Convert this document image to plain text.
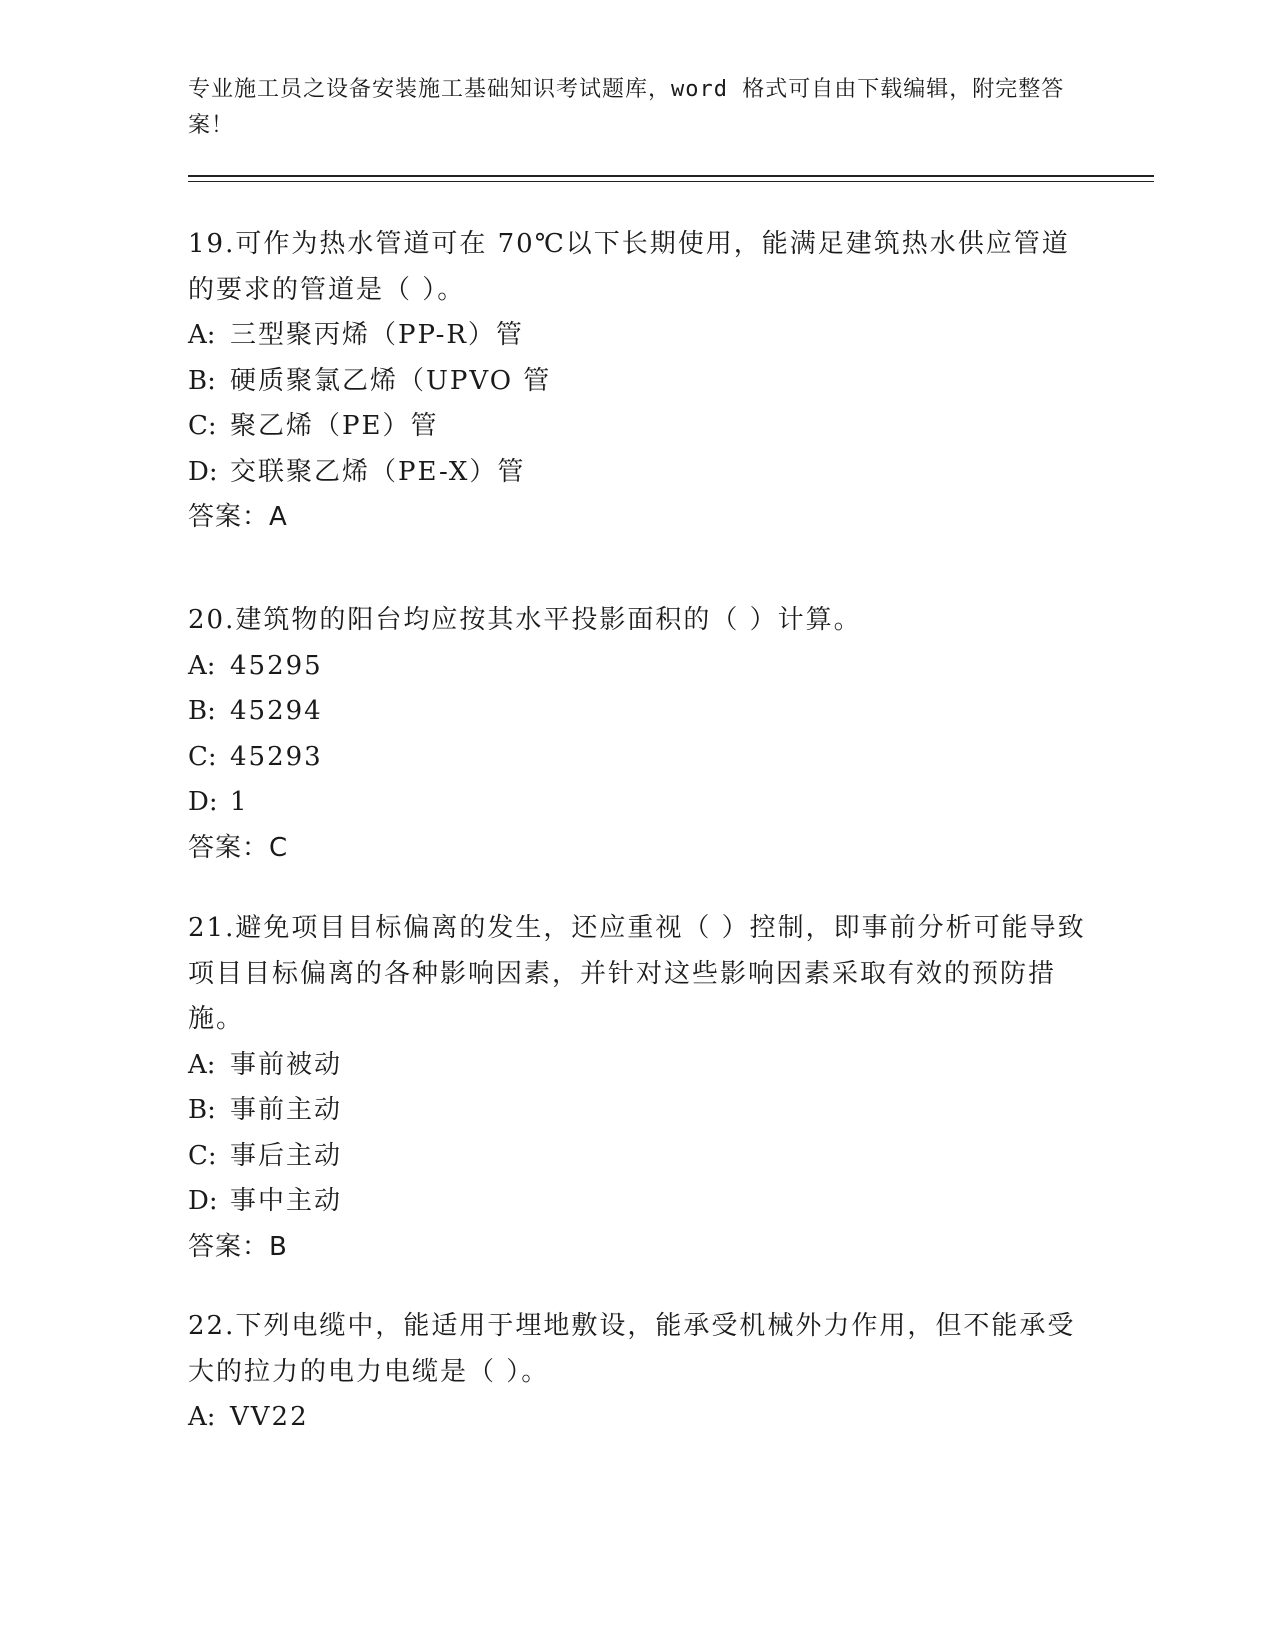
专业施工员之设备安装施工基础知识考试题库，word 格式可自由下载编辑，附完整答案！

19.可作为热水管道可在 70℃以下长期使用，能满足建筑热水供应管道的要求的管道是（ ）。

A: 三型聚丙烯（PP-R）管
B: 硬质聚氯乙烯（UPVO 管
C: 聚乙烯（PE）管
D: 交联聚乙烯（PE-X）管
答案：A

20.建筑物的阳台均应按其水平投影面积的（ ）计算。

A: 45295
B: 45294
C: 45293
D: 1
答案：C

21.避免项目目标偏离的发生，还应重视（ ）控制，即事前分析可能导致项目目标偏离的各种影响因素，并针对这些影响因素采取有效的预防措施。

A: 事前被动
B: 事前主动
C: 事后主动
D: 事中主动
答案：B

22.下列电缆中，能适用于埋地敷设，能承受机械外力作用，但不能承受大的拉力的电力电缆是（ ）。

A: VV22
